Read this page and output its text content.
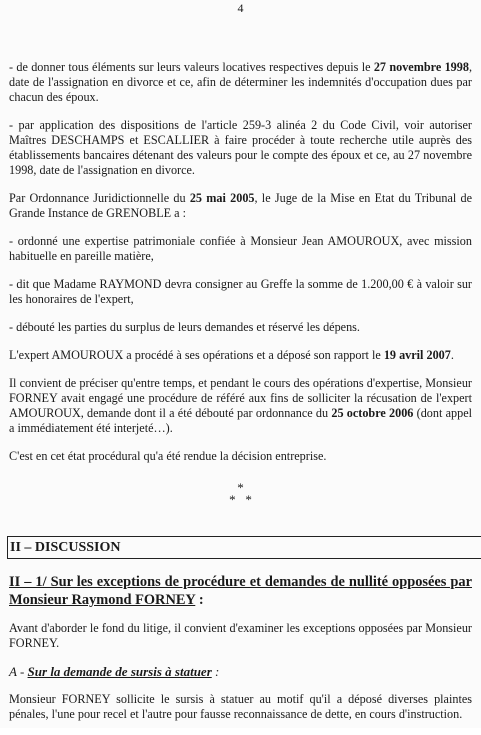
4

- de donner tous éléments sur leurs valeurs locatives respectives depuis le 27 novembre 1998, date de l'assignation en divorce et ce, afin de déterminer les indemnités d'occupation dues par chacun des époux.

- par application des dispositions de l'article 259-3 alinéa 2 du Code Civil, voir autoriser Maîtres DESCHAMPS et ESCALLIER à faire procéder à toute recherche utile auprès des établissements bancaires détenant des valeurs pour le compte des époux et ce, au 27 novembre 1998, date de l'assignation en divorce.

Par Ordonnance Juridictionnelle du 25 mai 2005, le Juge de la Mise en Etat du Tribunal de Grande Instance de GRENOBLE a :

- ordonné une expertise patrimoniale confiée à Monsieur Jean AMOUROUX, avec mission habituelle en pareille matière,

- dit que Madame RAYMOND devra consigner au Greffe la somme de 1.200,00 € à valoir sur les honoraires de l'expert,

- débouté les parties du surplus de leurs demandes et réservé les dépens.

L'expert AMOUROUX a procédé à ses opérations et a déposé son rapport le 19 avril 2007.

Il convient de préciser qu'entre temps, et pendant le cours des opérations d'expertise, Monsieur FORNEY avait engagé une procédure de référé aux fins de solliciter la récusation de l'expert AMOUROUX, demande dont il a été débouté par ordonnance du 25 octobre 2006 (dont appel a immédiatement été interjeté…).

C'est en cet état procédural qu'a été rendue la décision entreprise.

*
*   *
II – DISCUSSION
II – 1/ Sur les exceptions de procédure et demandes de nullité opposées par Monsieur Raymond FORNEY :

Avant d'aborder le fond du litige, il convient d'examiner les exceptions opposées par Monsieur FORNEY.

A - Sur la demande de sursis à statuer :

Monsieur FORNEY sollicite le sursis à statuer au motif qu'il a déposé diverses plaintes pénales, l'une pour recel et l'autre pour fausse reconnaissance de dette, en cours d'instruction.
